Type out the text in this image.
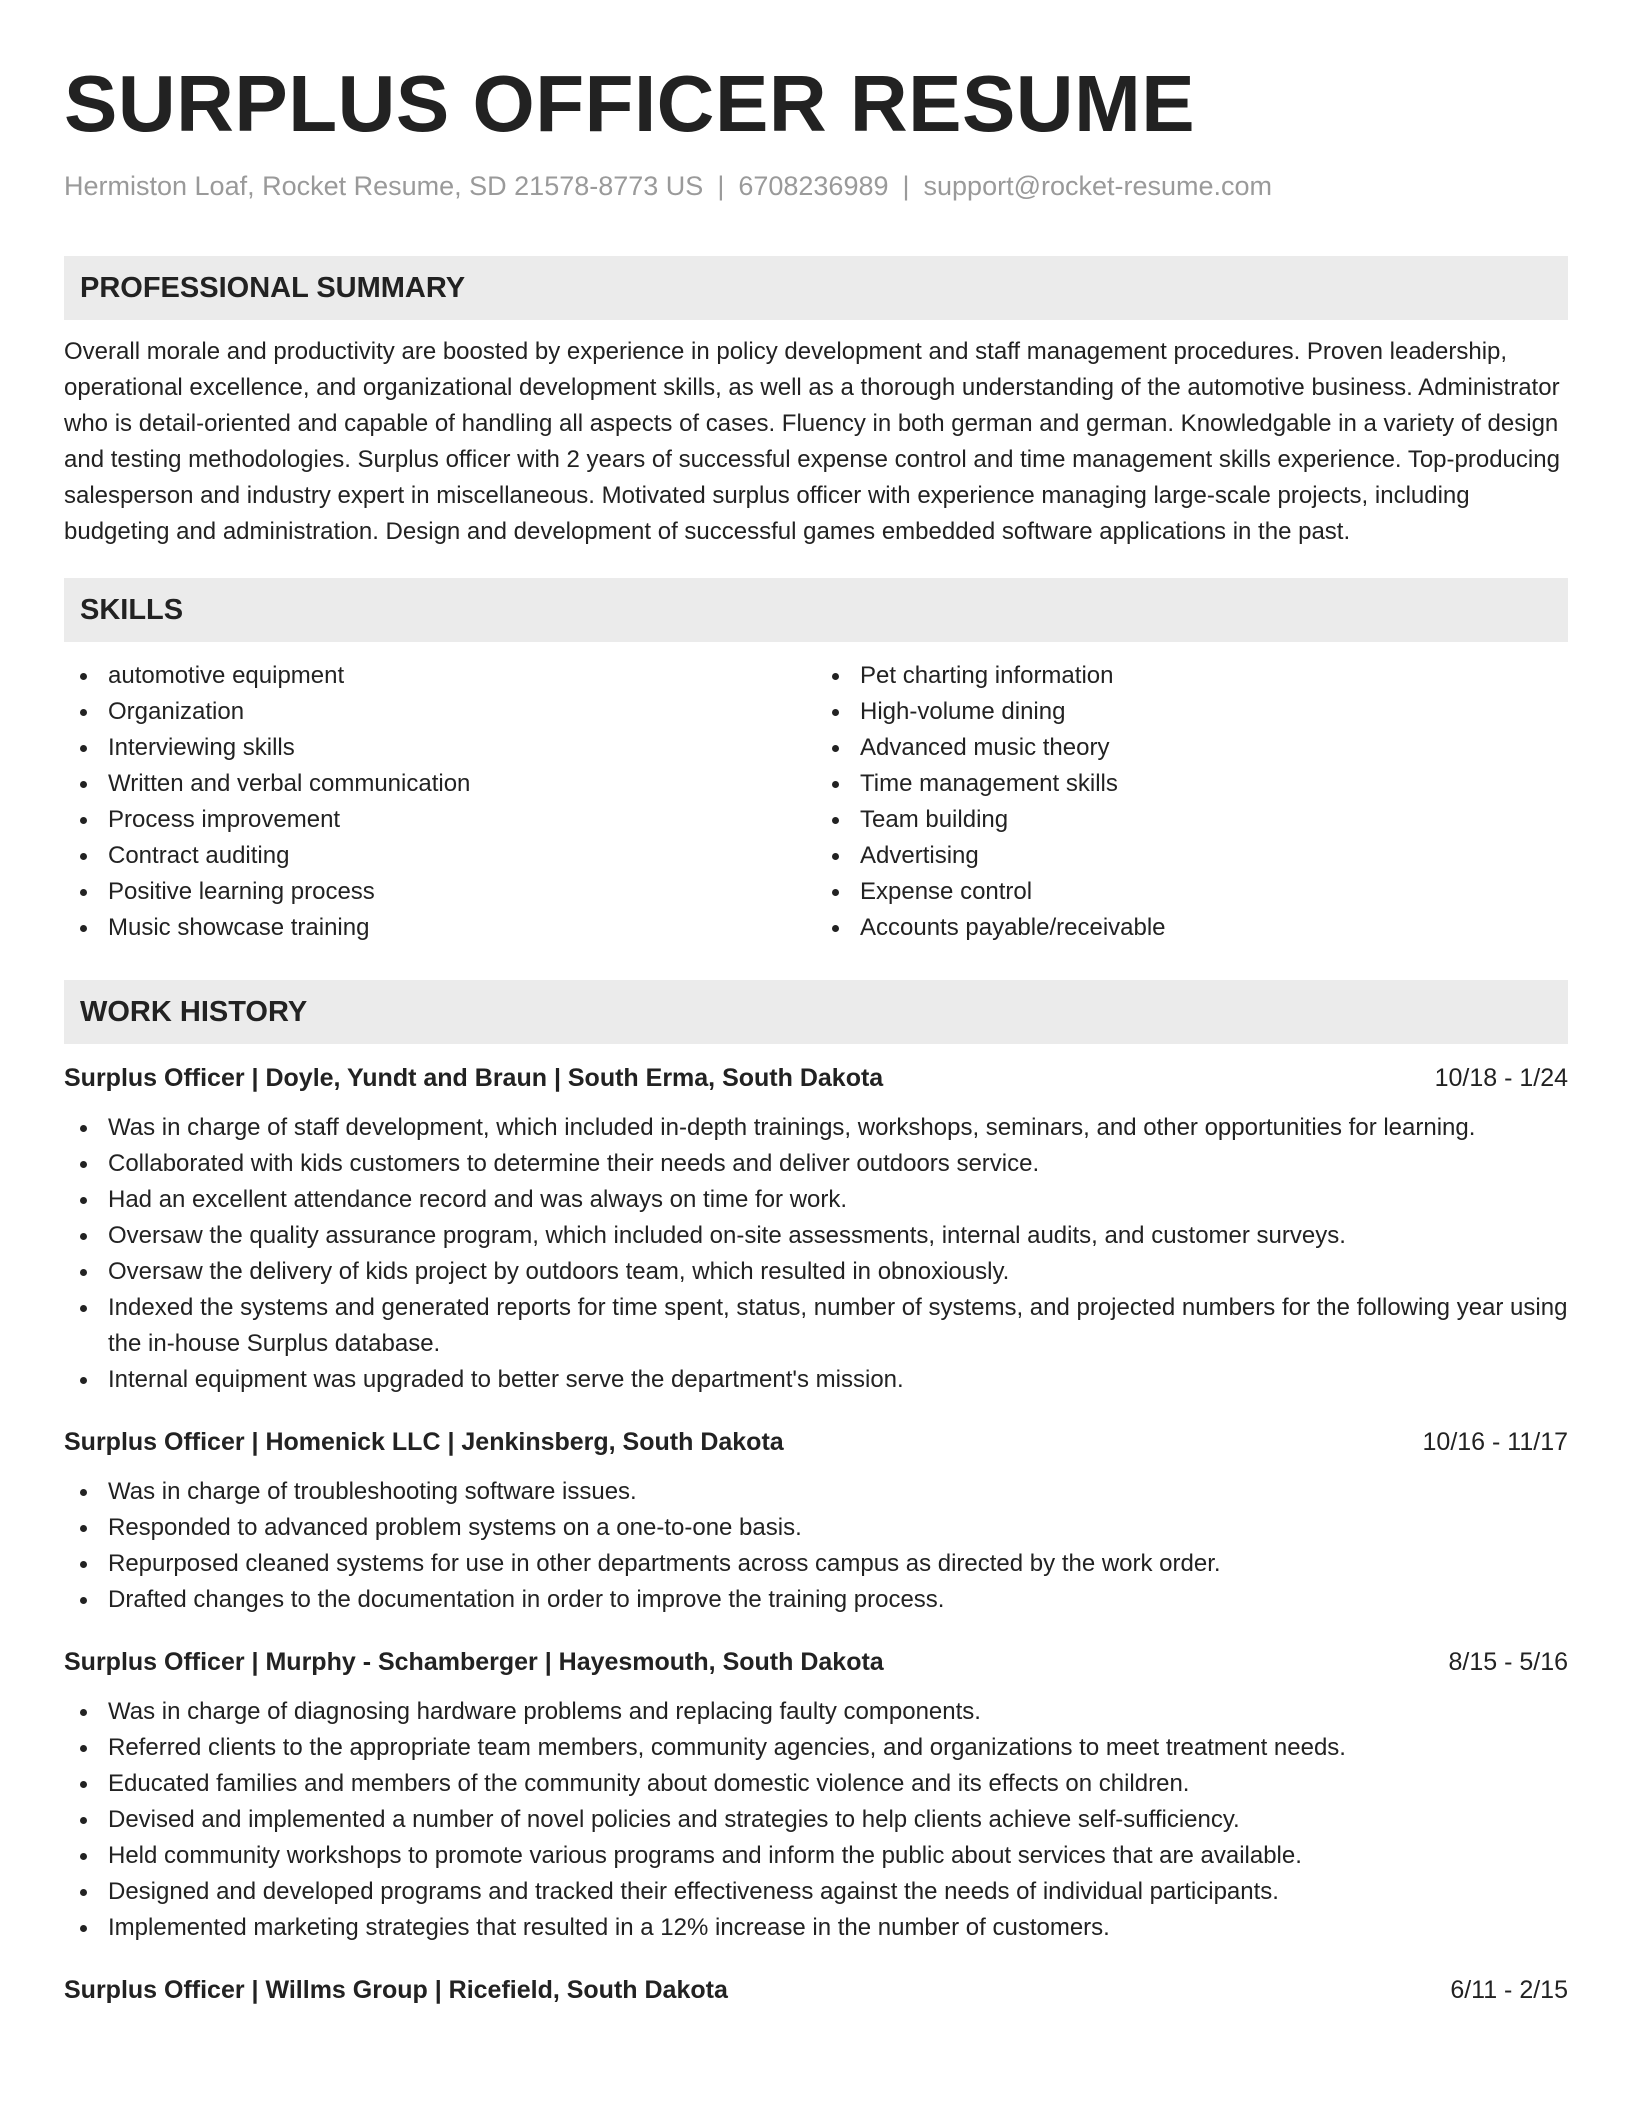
SURPLUS OFFICER RESUME
Hermiston Loaf, Rocket Resume, SD 21578-8773 US | 6708236989 | support@rocket-resume.com
PROFESSIONAL SUMMARY

Overall morale and productivity are boosted by experience in policy development and staff management procedures. Proven leadership, operational excellence, and organizational development skills, as well as a thorough understanding of the automotive business. Administrator who is detail-oriented and capable of handling all aspects of cases. Fluency in both german and german. Knowledgable in a variety of design and testing methodologies. Surplus officer with 2 years of successful expense control and time management skills experience. Top-producing salesperson and industry expert in miscellaneous. Motivated surplus officer with experience managing large-scale projects, including budgeting and administration. Design and development of successful games embedded software applications in the past.

SKILLS
automotive equipment
Organization
Interviewing skills
Written and verbal communication
Process improvement
Contract auditing
Positive learning process
Music showcase training
Pet charting information
High-volume dining
Advanced music theory
Time management skills
Team building
Advertising
Expense control
Accounts payable/receivable
WORK HISTORY
Surplus Officer | Doyle, Yundt and Braun | South Erma, South Dakota	10/18 - 1/24
Was in charge of staff development, which included in-depth trainings, workshops, seminars, and other opportunities for learning.
Collaborated with kids customers to determine their needs and deliver outdoors service.
Had an excellent attendance record and was always on time for work.
Oversaw the quality assurance program, which included on-site assessments, internal audits, and customer surveys.
Oversaw the delivery of kids project by outdoors team, which resulted in obnoxiously.
Indexed the systems and generated reports for time spent, status, number of systems, and projected numbers for the following year using the in-house Surplus database.
Internal equipment was upgraded to better serve the department's mission.
Surplus Officer | Homenick LLC | Jenkinsberg, South Dakota	10/16 - 11/17
Was in charge of troubleshooting software issues.
Responded to advanced problem systems on a one-to-one basis.
Repurposed cleaned systems for use in other departments across campus as directed by the work order.
Drafted changes to the documentation in order to improve the training process.
Surplus Officer | Murphy - Schamberger | Hayesmouth, South Dakota	8/15 - 5/16
Was in charge of diagnosing hardware problems and replacing faulty components.
Referred clients to the appropriate team members, community agencies, and organizations to meet treatment needs.
Educated families and members of the community about domestic violence and its effects on children.
Devised and implemented a number of novel policies and strategies to help clients achieve self-sufficiency.
Held community workshops to promote various programs and inform the public about services that are available.
Designed and developed programs and tracked their effectiveness against the needs of individual participants.
Implemented marketing strategies that resulted in a 12% increase in the number of customers.
Surplus Officer | Willms Group | Ricefield, South Dakota	6/11 - 2/15
